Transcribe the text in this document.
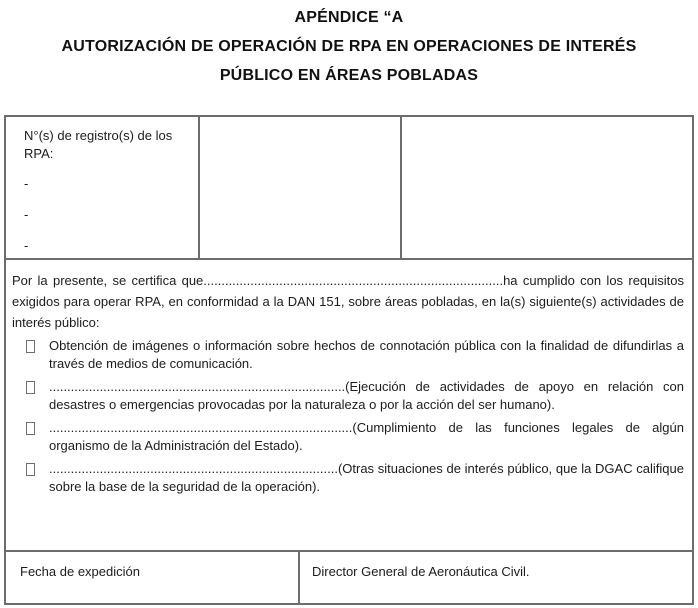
APÉNDICE “A
AUTORIZACIÓN DE OPERACIÓN DE RPA EN OPERACIONES DE INTERÉS
PÚBLICO EN ÁREAS POBLADAS
N°(s) de registro(s) de los RPA:
-
-
-

Por la presente, se certifica que...................................................................................ha cumplido con los requisitos exigidos para operar RPA, en conformidad a la DAN 151, sobre áreas pobladas, en la(s) siguiente(s) actividades de interés público:

Obtención de imágenes o información sobre hechos de connotación pública con la finalidad de difundirlas a través de medios de comunicación.
..................................................................................(Ejecución de actividades de apoyo en relación con desastres o emergencias provocadas por la naturaleza o por la acción del ser humano).
....................................................................................(Cumplimiento de las funciones legales de algún organismo de la Administración del Estado).
................................................................................(Otras situaciones de interés público, que la DGAC califique sobre la base de la seguridad de la operación).
Fecha de expedición	Director General de Aeronáutica Civil.
